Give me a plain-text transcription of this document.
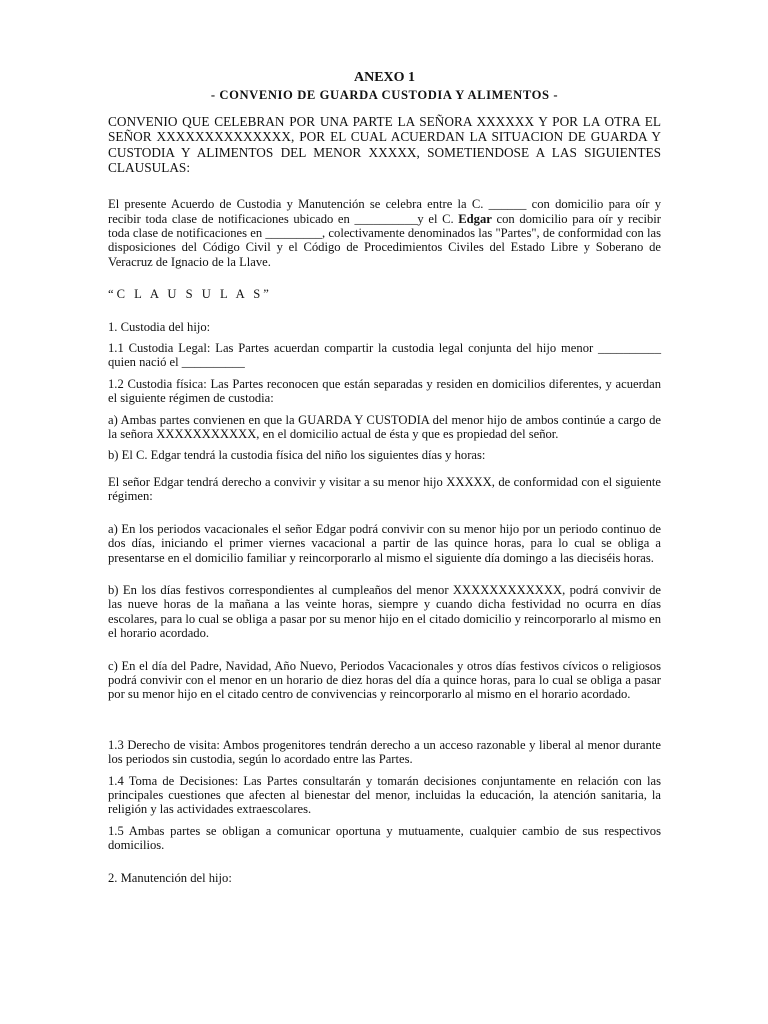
ANEXO 1
- CONVENIO DE GUARDA CUSTODIA Y ALIMENTOS -

CONVENIO QUE CELEBRAN POR UNA PARTE LA SEÑORA XXXXXX Y POR LA OTRA EL SEÑOR XXXXXXXXXXXXXX, POR EL CUAL ACUERDAN LA SITUACION DE GUARDA Y CUSTODIA Y ALIMENTOS DEL MENOR XXXXX, SOMETIENDOSE A LAS SIGUIENTES CLAUSULAS:

El presente Acuerdo de Custodia y Manutención se celebra entre la C. ______ con domicilio para oír y recibir toda clase de notificaciones ubicado en __________y el C. Edgar con domicilio para oír y recibir toda clase de notificaciones en _________, colectivamente denominados las "Partes", de conformidad con las disposiciones del Código Civil y el Código de Procedimientos Civiles del Estado Libre y Soberano de Veracruz de Ignacio de la Llave.

“C L A U S U L A S”

1. Custodia del hijo:

1.1 Custodia Legal: Las Partes acuerdan compartir la custodia legal conjunta del hijo menor __________ quien nació el __________

1.2 Custodia física: Las Partes reconocen que están separadas y residen en domicilios diferentes, y acuerdan el siguiente régimen de custodia:

a) Ambas partes convienen en que la GUARDA Y CUSTODIA del menor hijo de ambos continúe a cargo de la señora XXXXXXXXXXX, en el domicilio actual de ésta y que es propiedad del señor.

b) El C. Edgar tendrá la custodia física del niño los siguientes días y horas:

El señor Edgar tendrá derecho a convivir y visitar a su menor hijo XXXXX, de conformidad con el siguiente régimen:

a) En los periodos vacacionales el señor Edgar podrá convivir con su menor hijo por un periodo continuo de dos días, iniciando el primer viernes vacacional a partir de las quince horas, para lo cual se obliga a presentarse en el domicilio familiar y reincorporarlo al mismo el siguiente día domingo a las dieciséis horas.

b) En los días festivos correspondientes al cumpleaños del menor XXXXXXXXXXXX, podrá convivir de las nueve horas de la mañana a las veinte horas, siempre y cuando dicha festividad no ocurra en días escolares, para lo cual se obliga a pasar por su menor hijo en el citado domicilio y reincorporarlo al mismo en el horario acordado.

c) En el día del Padre, Navidad, Año Nuevo, Periodos Vacacionales y otros días festivos cívicos o religiosos podrá convivir con el menor en un horario de diez horas del día a quince horas, para lo cual se obliga a pasar por su menor hijo en el citado centro de convivencias y reincorporarlo al mismo en el horario acordado.

1.3 Derecho de visita: Ambos progenitores tendrán derecho a un acceso razonable y liberal al menor durante los periodos sin custodia, según lo acordado entre las Partes.

1.4 Toma de Decisiones: Las Partes consultarán y tomarán decisiones conjuntamente en relación con las principales cuestiones que afecten al bienestar del menor, incluidas la educación, la atención sanitaria, la religión y las actividades extraescolares.

1.5 Ambas partes se obligan a comunicar oportuna y mutuamente, cualquier cambio de sus respectivos domicilios.

2. Manutención del hijo:
